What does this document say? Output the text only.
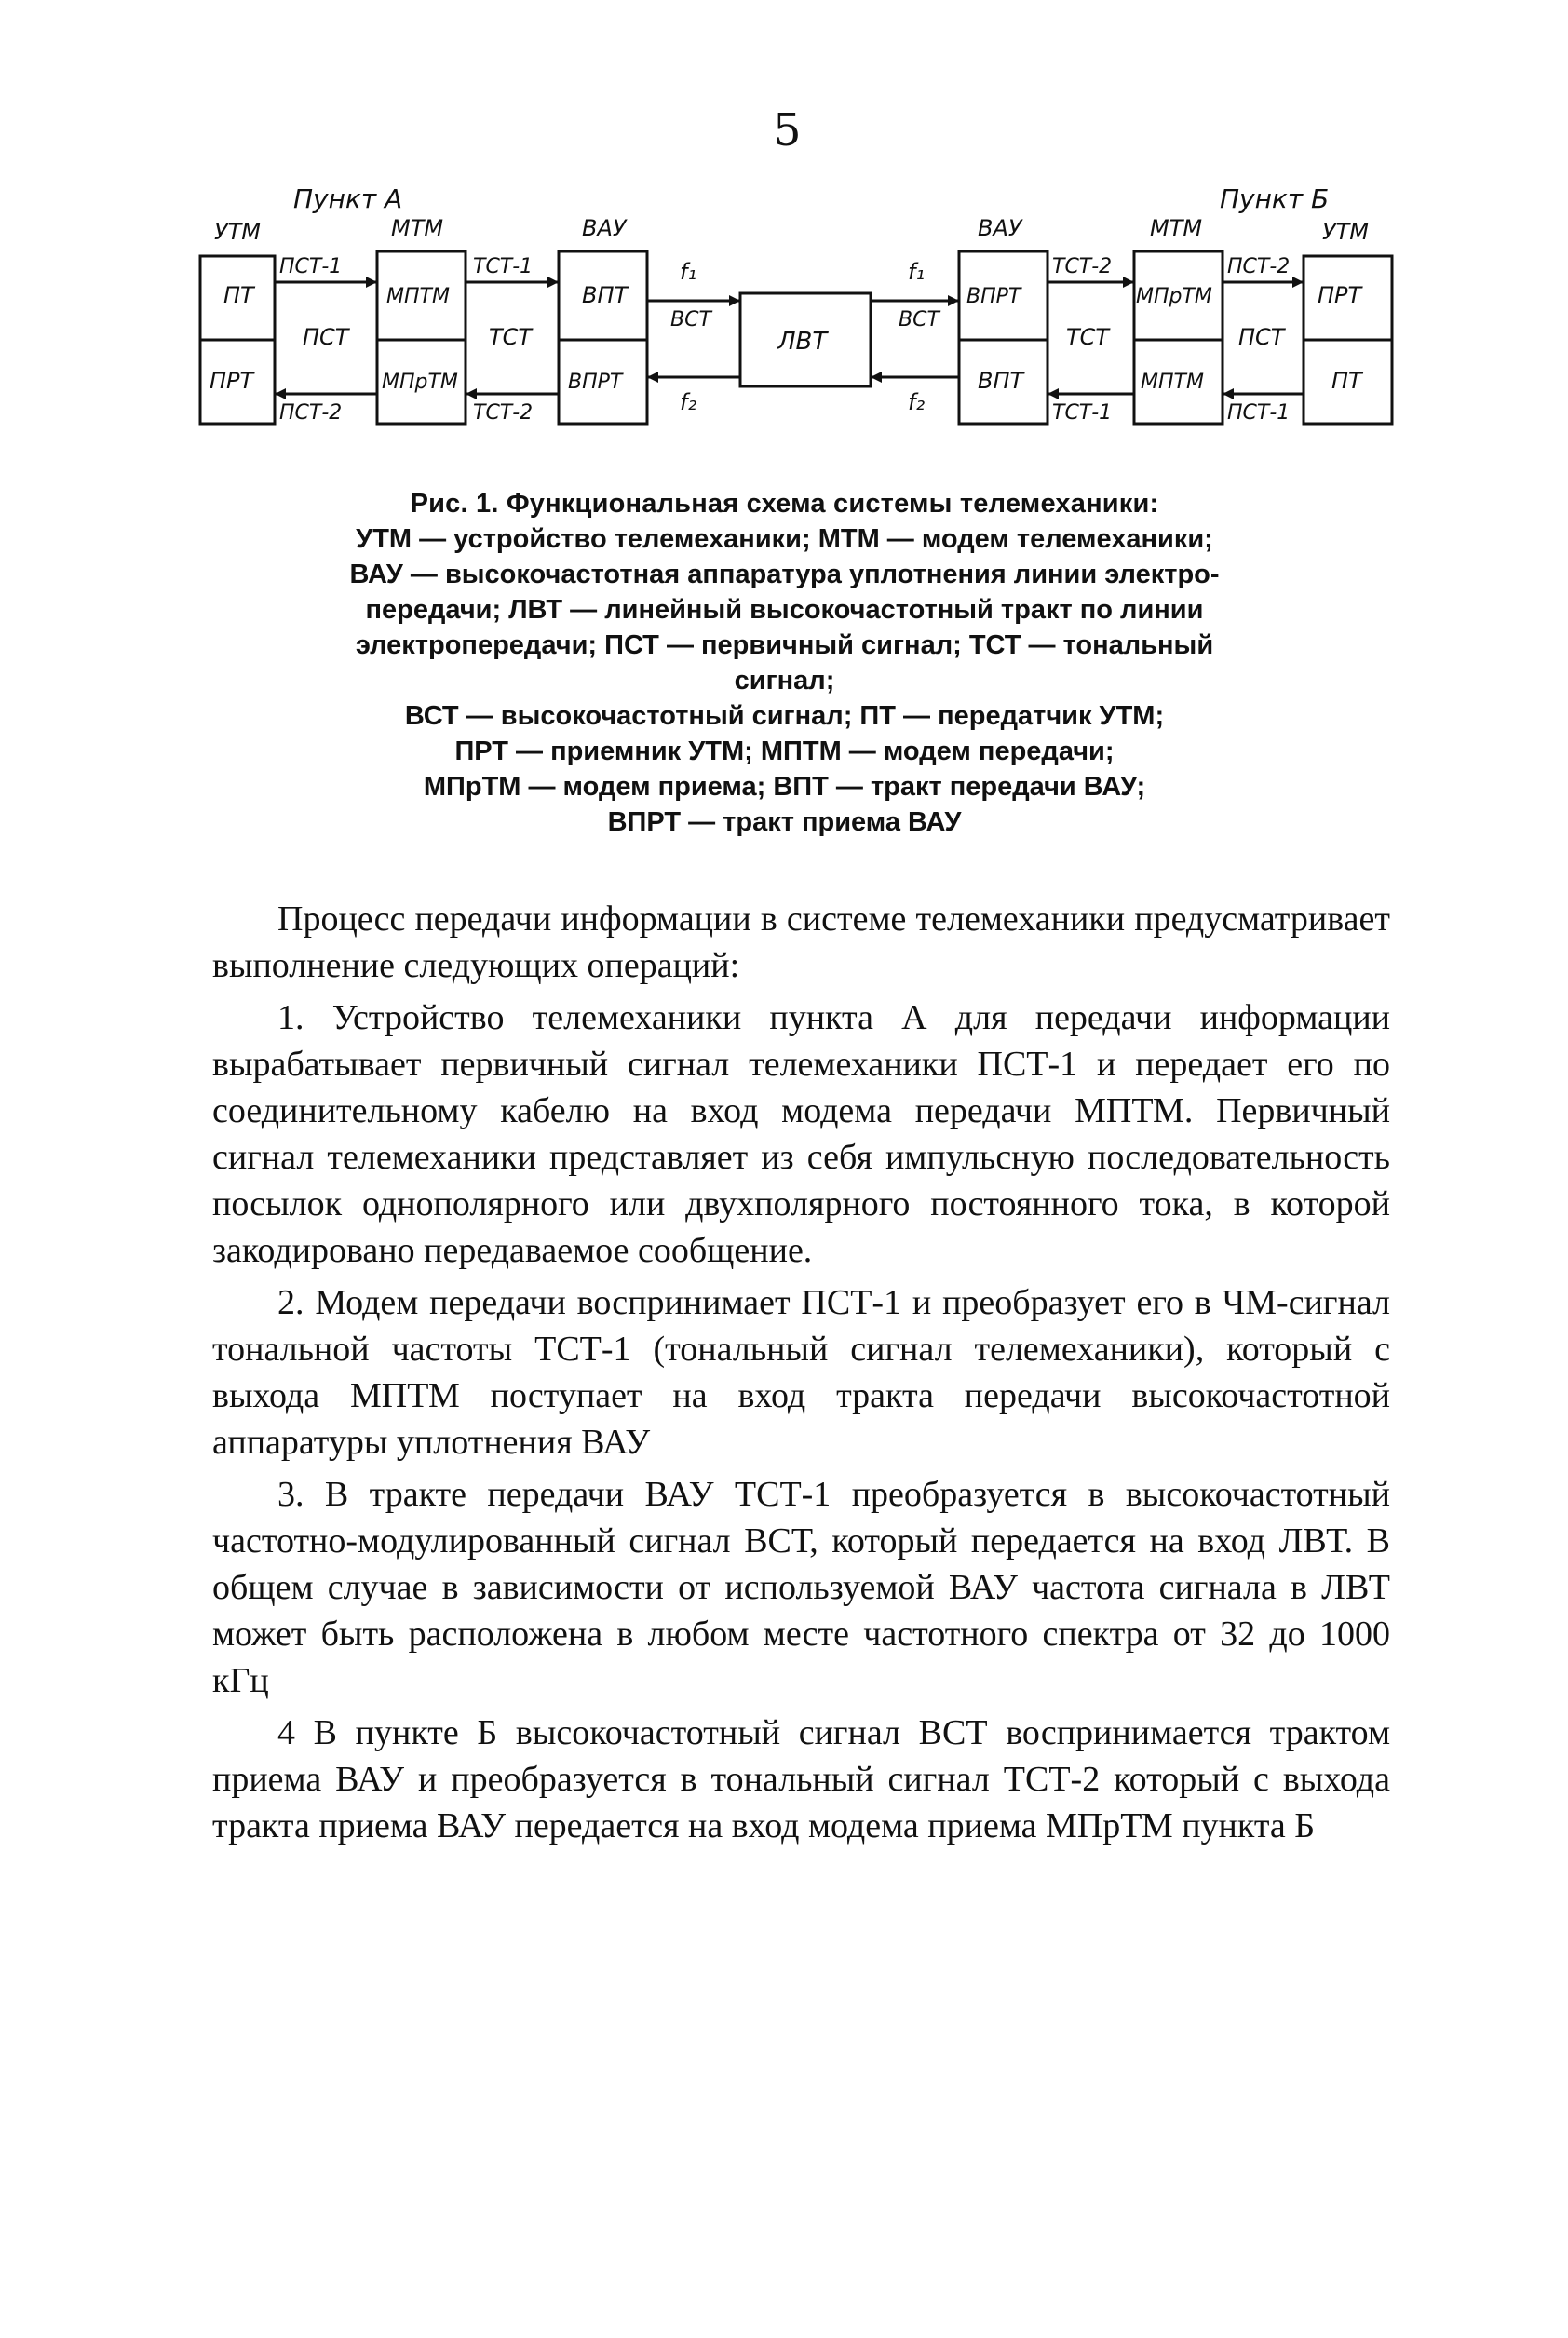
5
Пункт А	Пункт Б
УТМ
ПТ
ПРТ
ПСТ-1
ПСТ
ПСТ-2
МТМ
МПТМ
МПрТМ
ТСТ-1
ТСТ
ТСТ-2
ВАУ
ВПТ
ВПРТ
f₁
ВСТ
f₂
ЛВТ
f₁
ВСТ
f₂
ВАУ
ВПРТ
ВПТ
ТСТ-2
ТСТ
ТСТ-1
МТМ
МПрТМ
МПТМ
ПСТ-2
ПСТ
ПСТ-1
УТМ
ПРТ
ПТ
Рис. 1. Функциональная схема системы телемеханики:
УТМ — устройство телемеханики; МТМ — модем телемеханики;
ВАУ — высокочастотная аппаратура уплотнения линии электро-
передачи; ЛВТ — линейный высокочастотный тракт по линии
электропередачи; ПСТ — первичный сигнал; ТСТ — тональный
сигнал;
ВСТ — высокочастотный сигнал; ПТ — передатчик УТМ;
ПРТ — приемник УТМ; МПТМ — модем передачи;
МПрТМ — модем приема; ВПТ — тракт передачи ВАУ;
ВПРТ — тракт приема ВАУ

Процесс передачи информации в системе телемеханики предусматривает выполнение следующих операций:

1. Устройство телемеханики пункта А для передачи информации вырабатывает первичный сигнал телемеханики ПСТ-1 и передает его по соединительному кабелю на вход модема передачи МПТМ. Первичный сигнал телемеханики представляет из себя импульсную последовательность посылок однополярного или двухполярного постоянного тока, в которой закодировано передаваемое сообщение.

2. Модем передачи воспринимает ПСТ-1 и преобразует его в ЧМ-сигнал тональной частоты ТСТ-1 (тональный сигнал телемеханики), который с выхода МПТМ поступает на вход тракта передачи высокочастотной аппаратуры уплотнения ВАУ

3. В тракте передачи ВАУ ТСТ-1 преобразуется в высокочастотный частотно-модулированный сигнал ВСТ, который передается на вход ЛВТ. В общем случае в зависимости от используемой ВАУ частота сигнала в ЛВТ может быть расположена в любом месте частотного спектра от 32 до 1000 кГц

4 В пункте Б высокочастотный сигнал ВСТ воспринимается трактом приема ВАУ и преобразуется в тональный сигнал ТСТ-2 который с выхода тракта приема ВАУ передается на вход модема приема МПрТМ пункта Б
